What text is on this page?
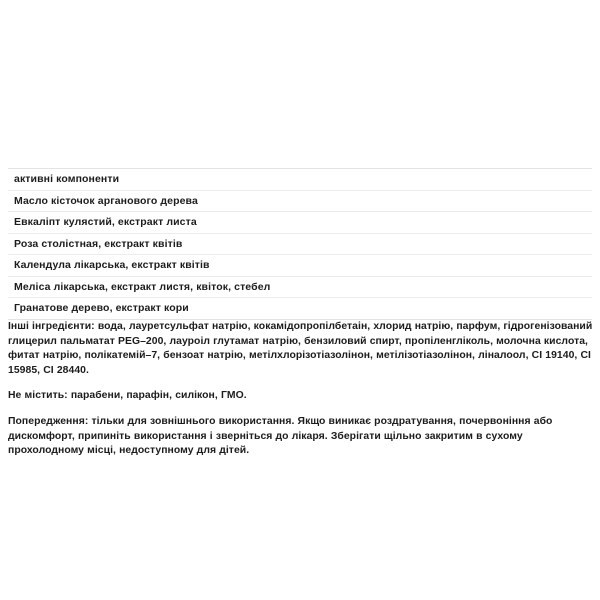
активні компоненти
Масло кісточок арганового дерева
Евкаліпт кулястий, екстракт листа
Роза столістная, екстракт квітів
Календула лікарська, екстракт квітів
Меліса лікарська, екстракт листя, квіток, стебел
Гранатове дерево, екстракт кори

Інші інгредієнти: вода, лауретсульфат натрію, кокамідопропілбетаін, хлорид натрію, парфум, гідрогенізований глицерил пальматат PEG–200, лауроіл глутамат натрію, бензиловий спирт, пропіленгліколь, молочна кислота, фитат натрію, полікатемій–7, бензоат натрію, метілхлорізотіазолінон, метілізотіазолінон, ліналоол, CI 19140, CI 15985, CI 28440.

Не містить: парабени, парафін, силікон, ГМО.

Попередження: тільки для зовнішнього використання. Якщо виникає роздратування, почервоніння або дискомфорт, припиніть використання і зверніться до лікаря. Зберігати щільно закритим в сухому прохолодному місці, недоступному для дітей.
